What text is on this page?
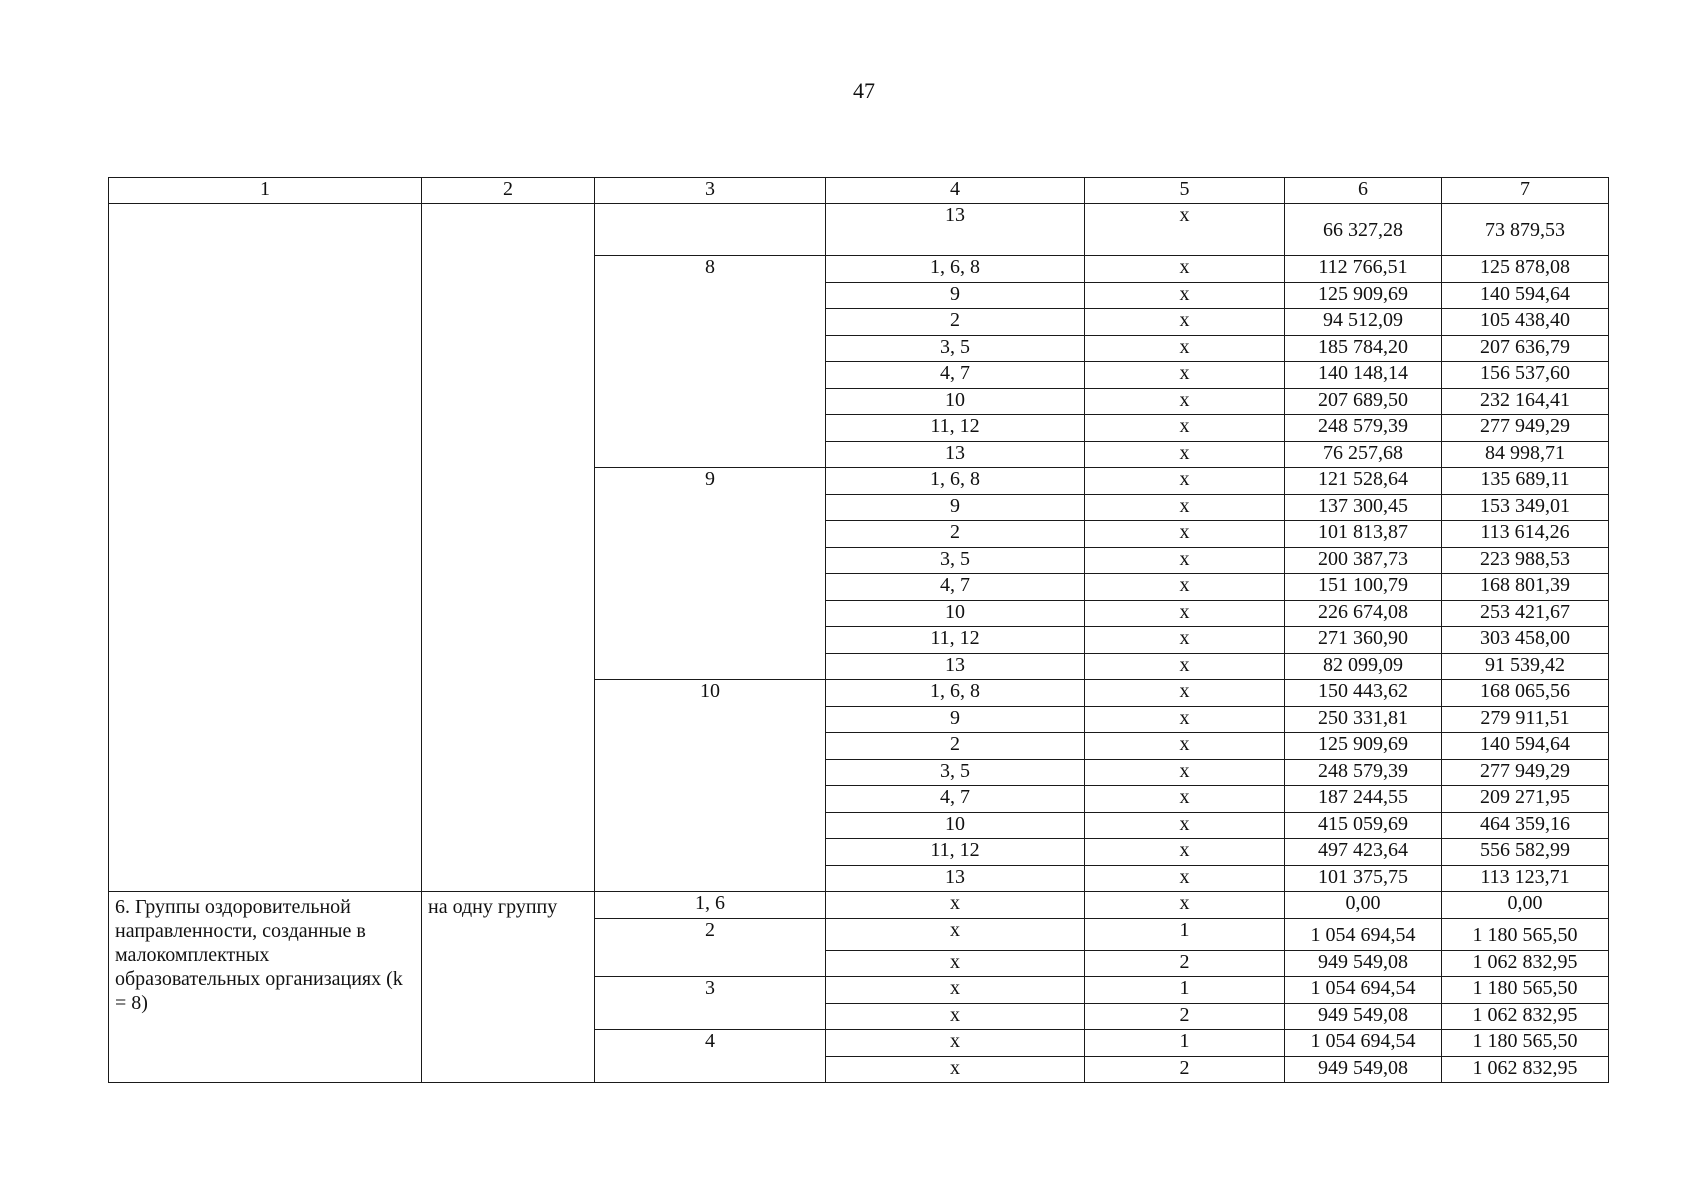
47
1	2	3	4	5	6	7
			13	x	66 327,28	73 879,53
		8	1, 6, 8	x	112 766,51	125 878,08
			9	x	125 909,69	140 594,64
			2	x	94 512,09	105 438,40
			3, 5	x	185 784,20	207 636,79
			4, 7	x	140 148,14	156 537,60
			10	x	207 689,50	232 164,41
			11, 12	x	248 579,39	277 949,29
			13	x	76 257,68	84 998,71
		9	1, 6, 8	x	121 528,64	135 689,11
			9	x	137 300,45	153 349,01
			2	x	101 813,87	113 614,26
			3, 5	x	200 387,73	223 988,53
			4, 7	x	151 100,79	168 801,39
			10	x	226 674,08	253 421,67
			11, 12	x	271 360,90	303 458,00
			13	x	82 099,09	91 539,42
		10	1, 6, 8	x	150 443,62	168 065,56
			9	x	250 331,81	279 911,51
			2	x	125 909,69	140 594,64
			3, 5	x	248 579,39	277 949,29
			4, 7	x	187 244,55	209 271,95
			10	x	415 059,69	464 359,16
			11, 12	x	497 423,64	556 582,99
			13	x	101 375,75	113 123,71
6. Группы оздоровительной направленности, созданные в малокомплектных образовательных организациях (k = 8)	на одну группу	1, 6	x	x	0,00	0,00
		2	x	1	1 054 694,54	1 180 565,50
			x	2	949 549,08	1 062 832,95
		3	x	1	1 054 694,54	1 180 565,50
			x	2	949 549,08	1 062 832,95
		4	x	1	1 054 694,54	1 180 565,50
			x	2	949 549,08	1 062 832,95
